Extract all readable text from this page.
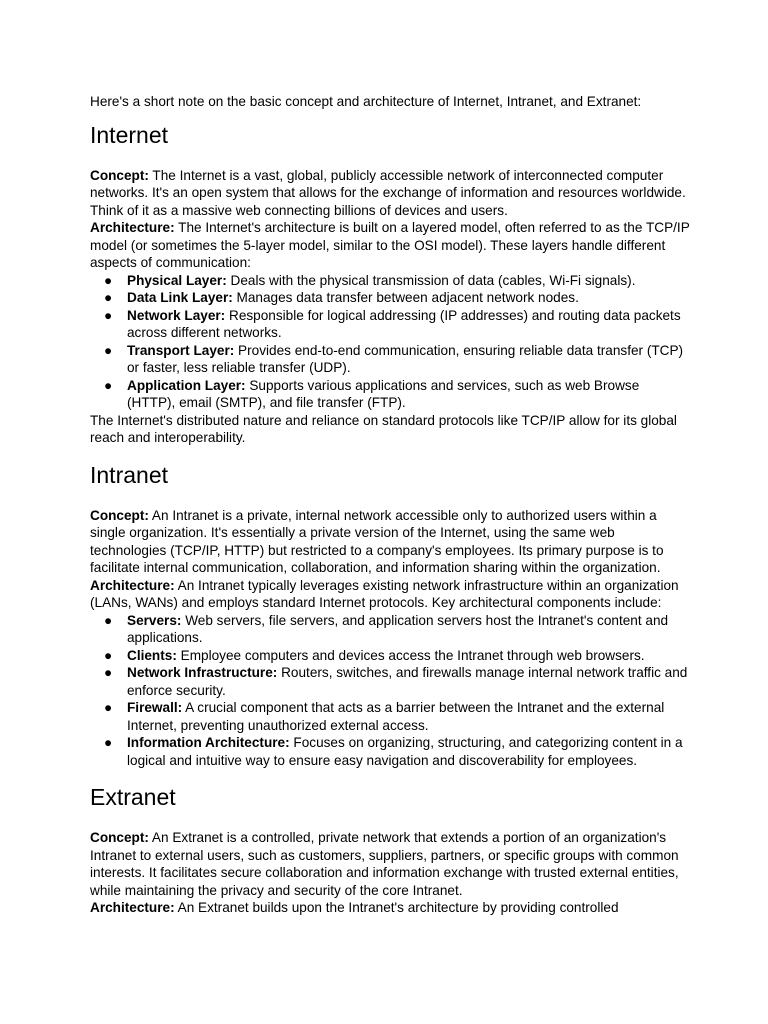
Here's a short note on the basic concept and architecture of Internet, Intranet, and Extranet:

Internet

Concept: The Internet is a vast, global, publicly accessible network of interconnected computer networks. It's an open system that allows for the exchange of information and resources worldwide. Think of it as a massive web connecting billions of devices and users.

Architecture: The Internet's architecture is built on a layered model, often referred to as the TCP/IP model (or sometimes the 5-layer model, similar to the OSI model). These layers handle different aspects of communication:

● Physical Layer: Deals with the physical transmission of data (cables, Wi-Fi signals).
● Data Link Layer: Manages data transfer between adjacent network nodes.
● Network Layer: Responsible for logical addressing (IP addresses) and routing data packets across different networks.
● Transport Layer: Provides end-to-end communication, ensuring reliable data transfer (TCP) or faster, less reliable transfer (UDP).
● Application Layer: Supports various applications and services, such as web Browse (HTTP), email (SMTP), and file transfer (FTP).

The Internet's distributed nature and reliance on standard protocols like TCP/IP allow for its global reach and interoperability.

Intranet

Concept: An Intranet is a private, internal network accessible only to authorized users within a single organization. It's essentially a private version of the Internet, using the same web technologies (TCP/IP, HTTP) but restricted to a company's employees. Its primary purpose is to facilitate internal communication, collaboration, and information sharing within the organization.

Architecture: An Intranet typically leverages existing network infrastructure within an organization (LANs, WANs) and employs standard Internet protocols. Key architectural components include:

● Servers: Web servers, file servers, and application servers host the Intranet's content and applications.
● Clients: Employee computers and devices access the Intranet through web browsers.
● Network Infrastructure: Routers, switches, and firewalls manage internal network traffic and enforce security.
● Firewall: A crucial component that acts as a barrier between the Intranet and the external Internet, preventing unauthorized external access.
● Information Architecture: Focuses on organizing, structuring, and categorizing content in a logical and intuitive way to ensure easy navigation and discoverability for employees.
Extranet

Concept: An Extranet is a controlled, private network that extends a portion of an organization's Intranet to external users, such as customers, suppliers, partners, or specific groups with common interests. It facilitates secure collaboration and information exchange with trusted external entities, while maintaining the privacy and security of the core Intranet.

Architecture: An Extranet builds upon the Intranet's architecture by providing controlled
